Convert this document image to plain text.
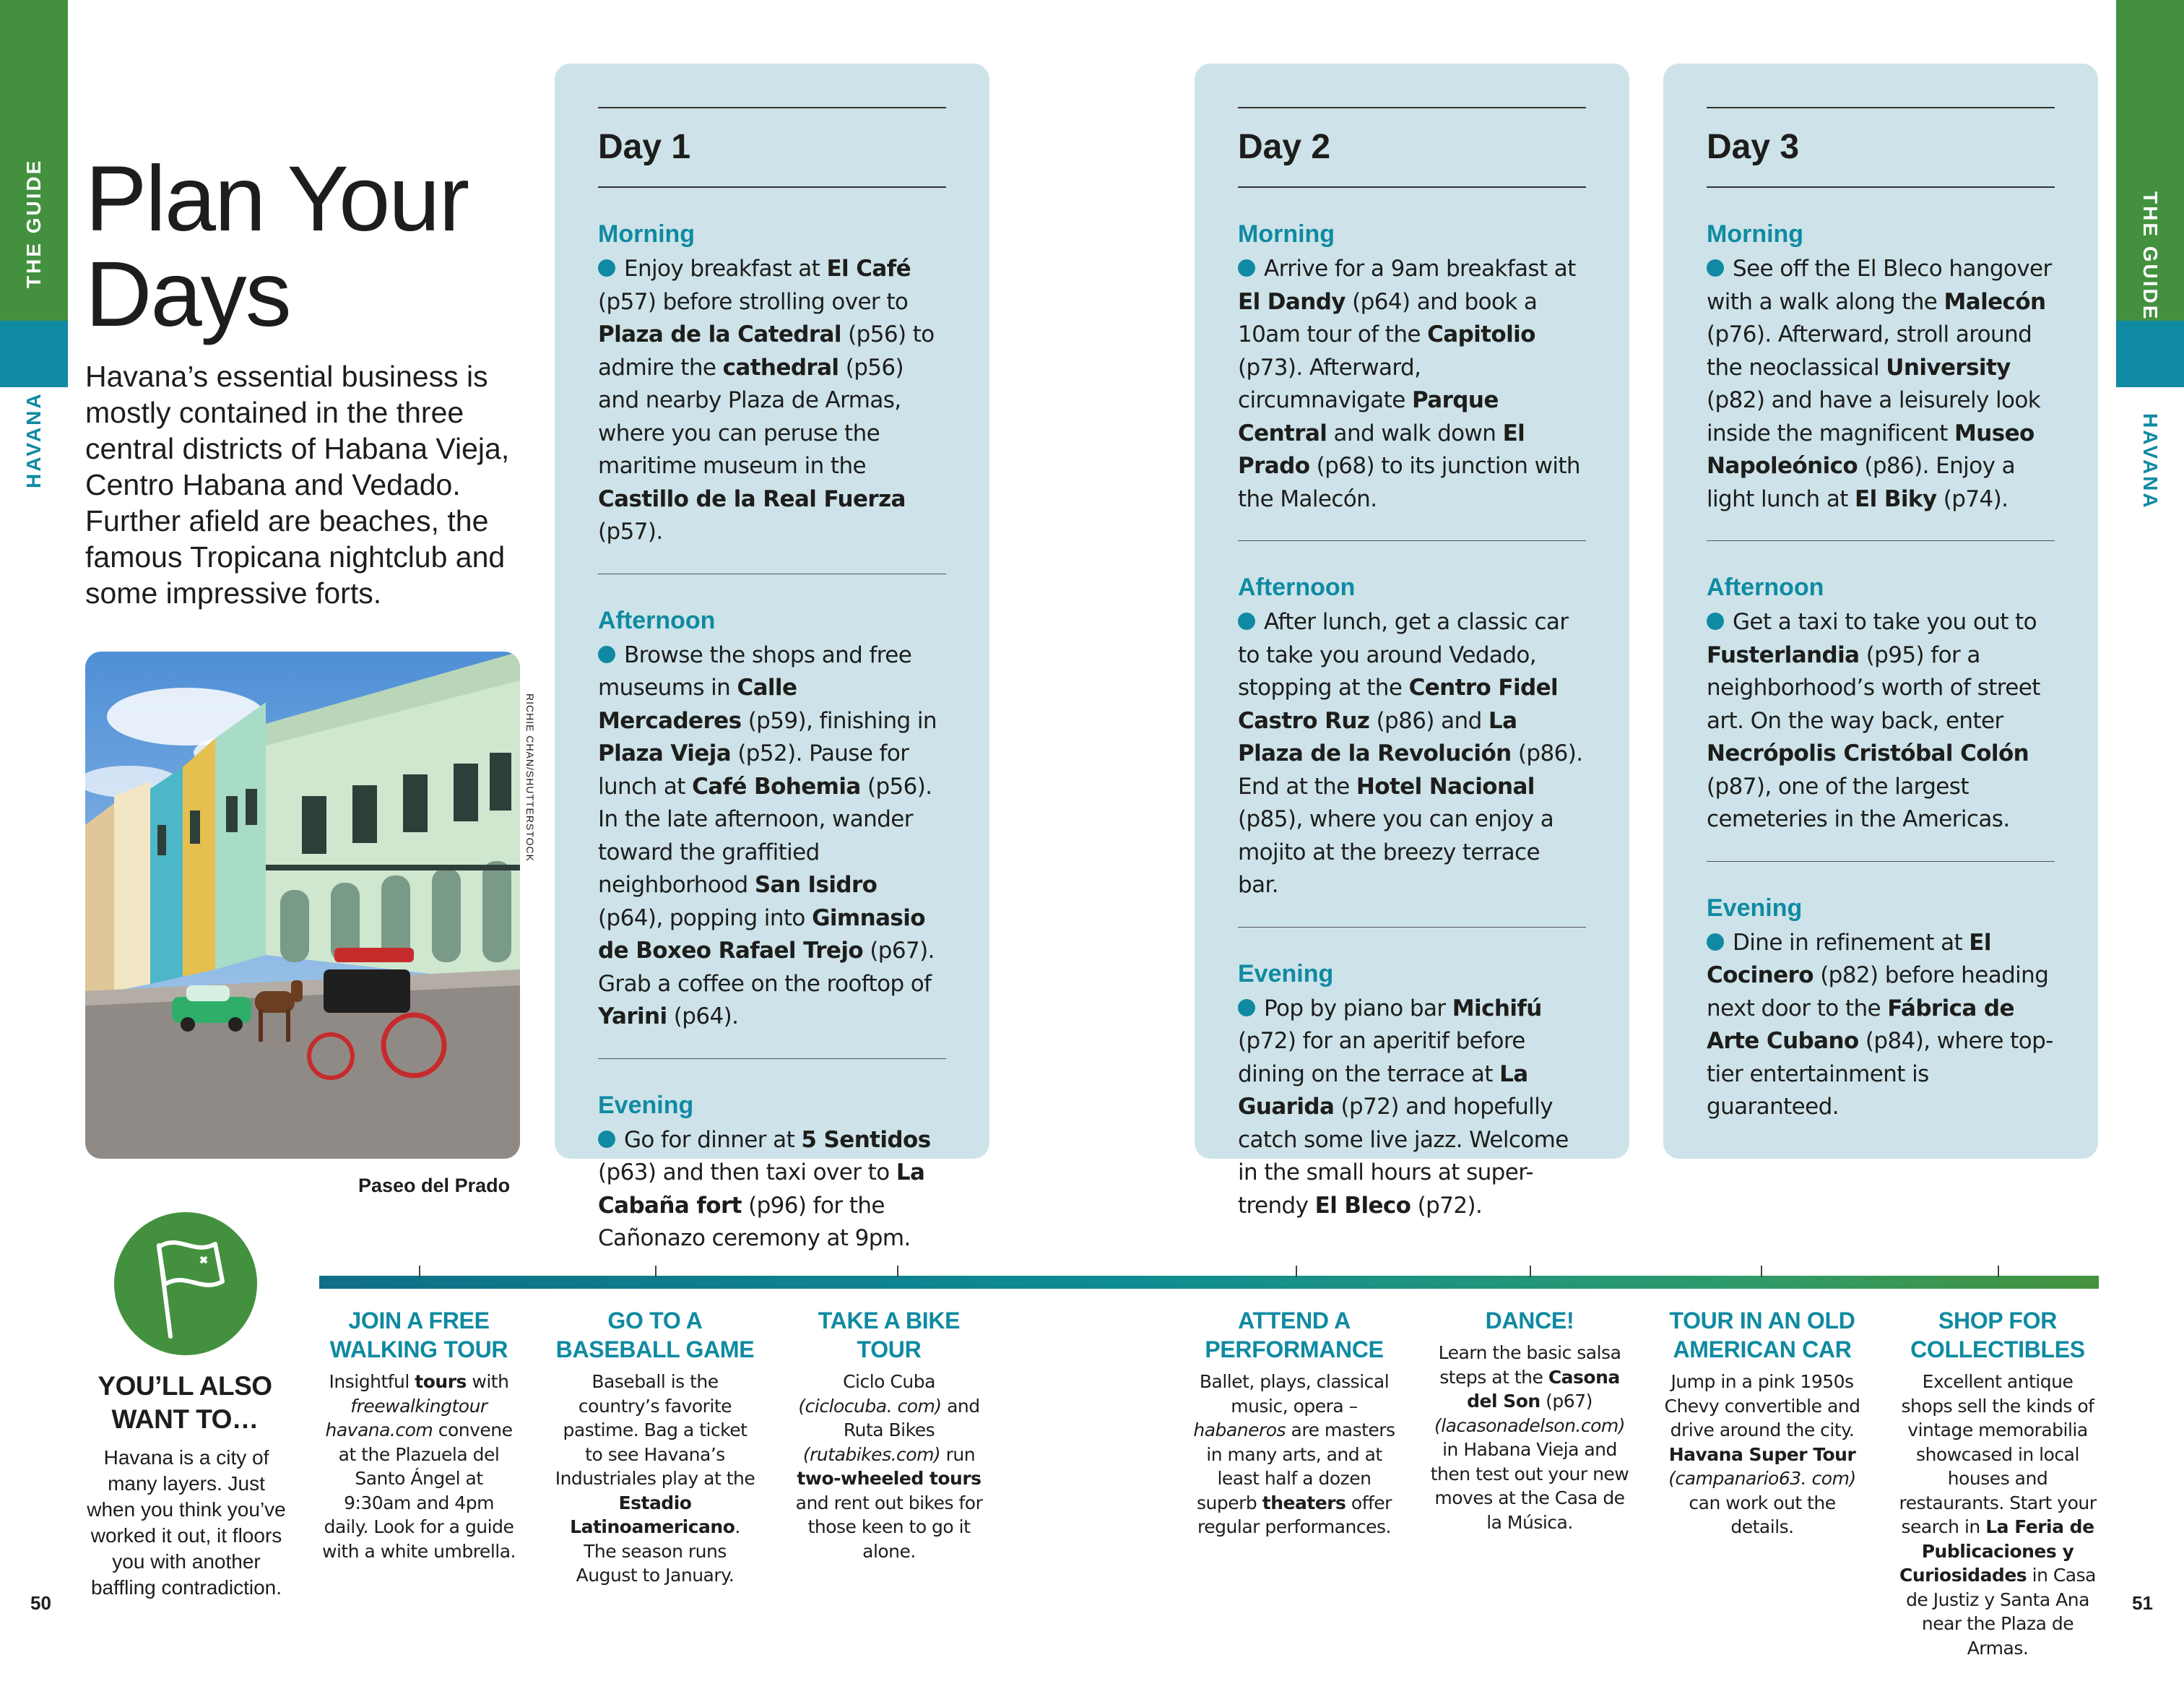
THE GUIDE
HAVANA
THE GUIDE
HAVANA
50	51
Plan Your
Days

Havana’s essential business is mostly contained in the three central districts of Habana Vieja, Centro Habana and Vedado. Further afield are beaches, the famous Tropicana nightclub and some impressive forts.

RICHIE CHAN/SHUTTERSTOCK
Paseo del Prado
Day 1
Morning

Enjoy breakfast at El Café (p57) before strolling over to Plaza de la Catedral (p56) to admire the cathedral (p56) and nearby Plaza de Armas, where you can peruse the maritime museum in the Castillo de la Real Fuerza (p57).

Afternoon

Browse the shops and free museums in Calle Mercaderes (p59), finishing in Plaza Vieja (p52). Pause for lunch at Café Bohemia (p56). In the late afternoon, wander toward the graffitied neighborhood San Isidro (p64), popping into Gimnasio de Boxeo Rafael Trejo (p67). Grab a coffee on the rooftop of Yarini (p64).

Evening

Go for dinner at 5 Sentidos (p63) and then taxi over to La Cabaña fort (p96) for the Cañonazo ceremony at 9pm.

Day 2
Morning

Arrive for a 9am breakfast at El Dandy (p64) and book a 10am tour of the Capitolio (p73). Afterward, circumnavigate Parque Central and walk down El Prado (p68) to its junction with the Malecón.

Afternoon

After lunch, get a classic car to take you around Vedado, stopping at the Centro Fidel Castro Ruz (p86) and La Plaza de la Revolución (p86). End at the Hotel Nacional (p85), where you can enjoy a mojito at the breezy terrace bar.

Evening

Pop by piano bar Michifú (p72) for an aperitif before dining on the terrace at La Guarida (p72) and hopefully catch some live jazz. Welcome in the small hours at super-trendy El Bleco (p72).

Day 3
Morning

See off the El Bleco hangover with a walk along the Malecón (p76). Afterward, stroll around the neoclassical University (p82) and have a leisurely look inside the magnificent Museo Napoleónico (p86). Enjoy a light lunch at El Biky (p74).

Afternoon

Get a taxi to take you out to Fusterlandia (p95) for a neighborhood’s worth of street art. On the way back, enter Necrópolis Cristóbal Colón (p87), one of the largest cemeteries in the Americas.

Evening

Dine in refinement at El Cocinero (p82) before heading next door to the Fábrica de Arte Cubano (p84), where top-tier entertainment is guaranteed.

YOU’LL ALSO WANT TO…
Havana is a city of many layers. Just when you think you’ve worked it out, it floors you with another baffling contradiction.
JOIN A FREE WALKING TOUR
Insightful tours with freewalkingtour havana.com convene at the Plazuela del Santo Ángel at 9:30am and 4pm daily. Look for a guide with a white umbrella.
GO TO A BASEBALL GAME
Baseball is the country’s favorite pastime. Bag a ticket to see Havana’s Industriales play at the Estadio Latinoamericano. The season runs August to January.
TAKE A BIKE TOUR
Ciclo Cuba (ciclocuba. com) and Ruta Bikes (rutabikes.com) run two-wheeled tours and rent out bikes for those keen to go it alone.
ATTEND A PERFORMANCE
Ballet, plays, classical music, opera – habaneros are masters in many arts, and at least half a dozen superb theaters offer regular performances.
DANCE!
Learn the basic salsa steps at the Casona del Son (p67) (lacasonadelson.com) in Habana Vieja and then test out your new moves at the Casa de la Música.
TOUR IN AN OLD AMERICAN CAR
Jump in a pink 1950s Chevy convertible and drive around the city. Havana Super Tour (campanario63. com) can work out the details.
SHOP FOR COLLECTIBLES
Excellent antique shops sell the kinds of vintage memorabilia showcased in local houses and restaurants. Start your search in La Feria de Publicaciones y Curiosidades in Casa de Justiz y Santa Ana near the Plaza de Armas.
